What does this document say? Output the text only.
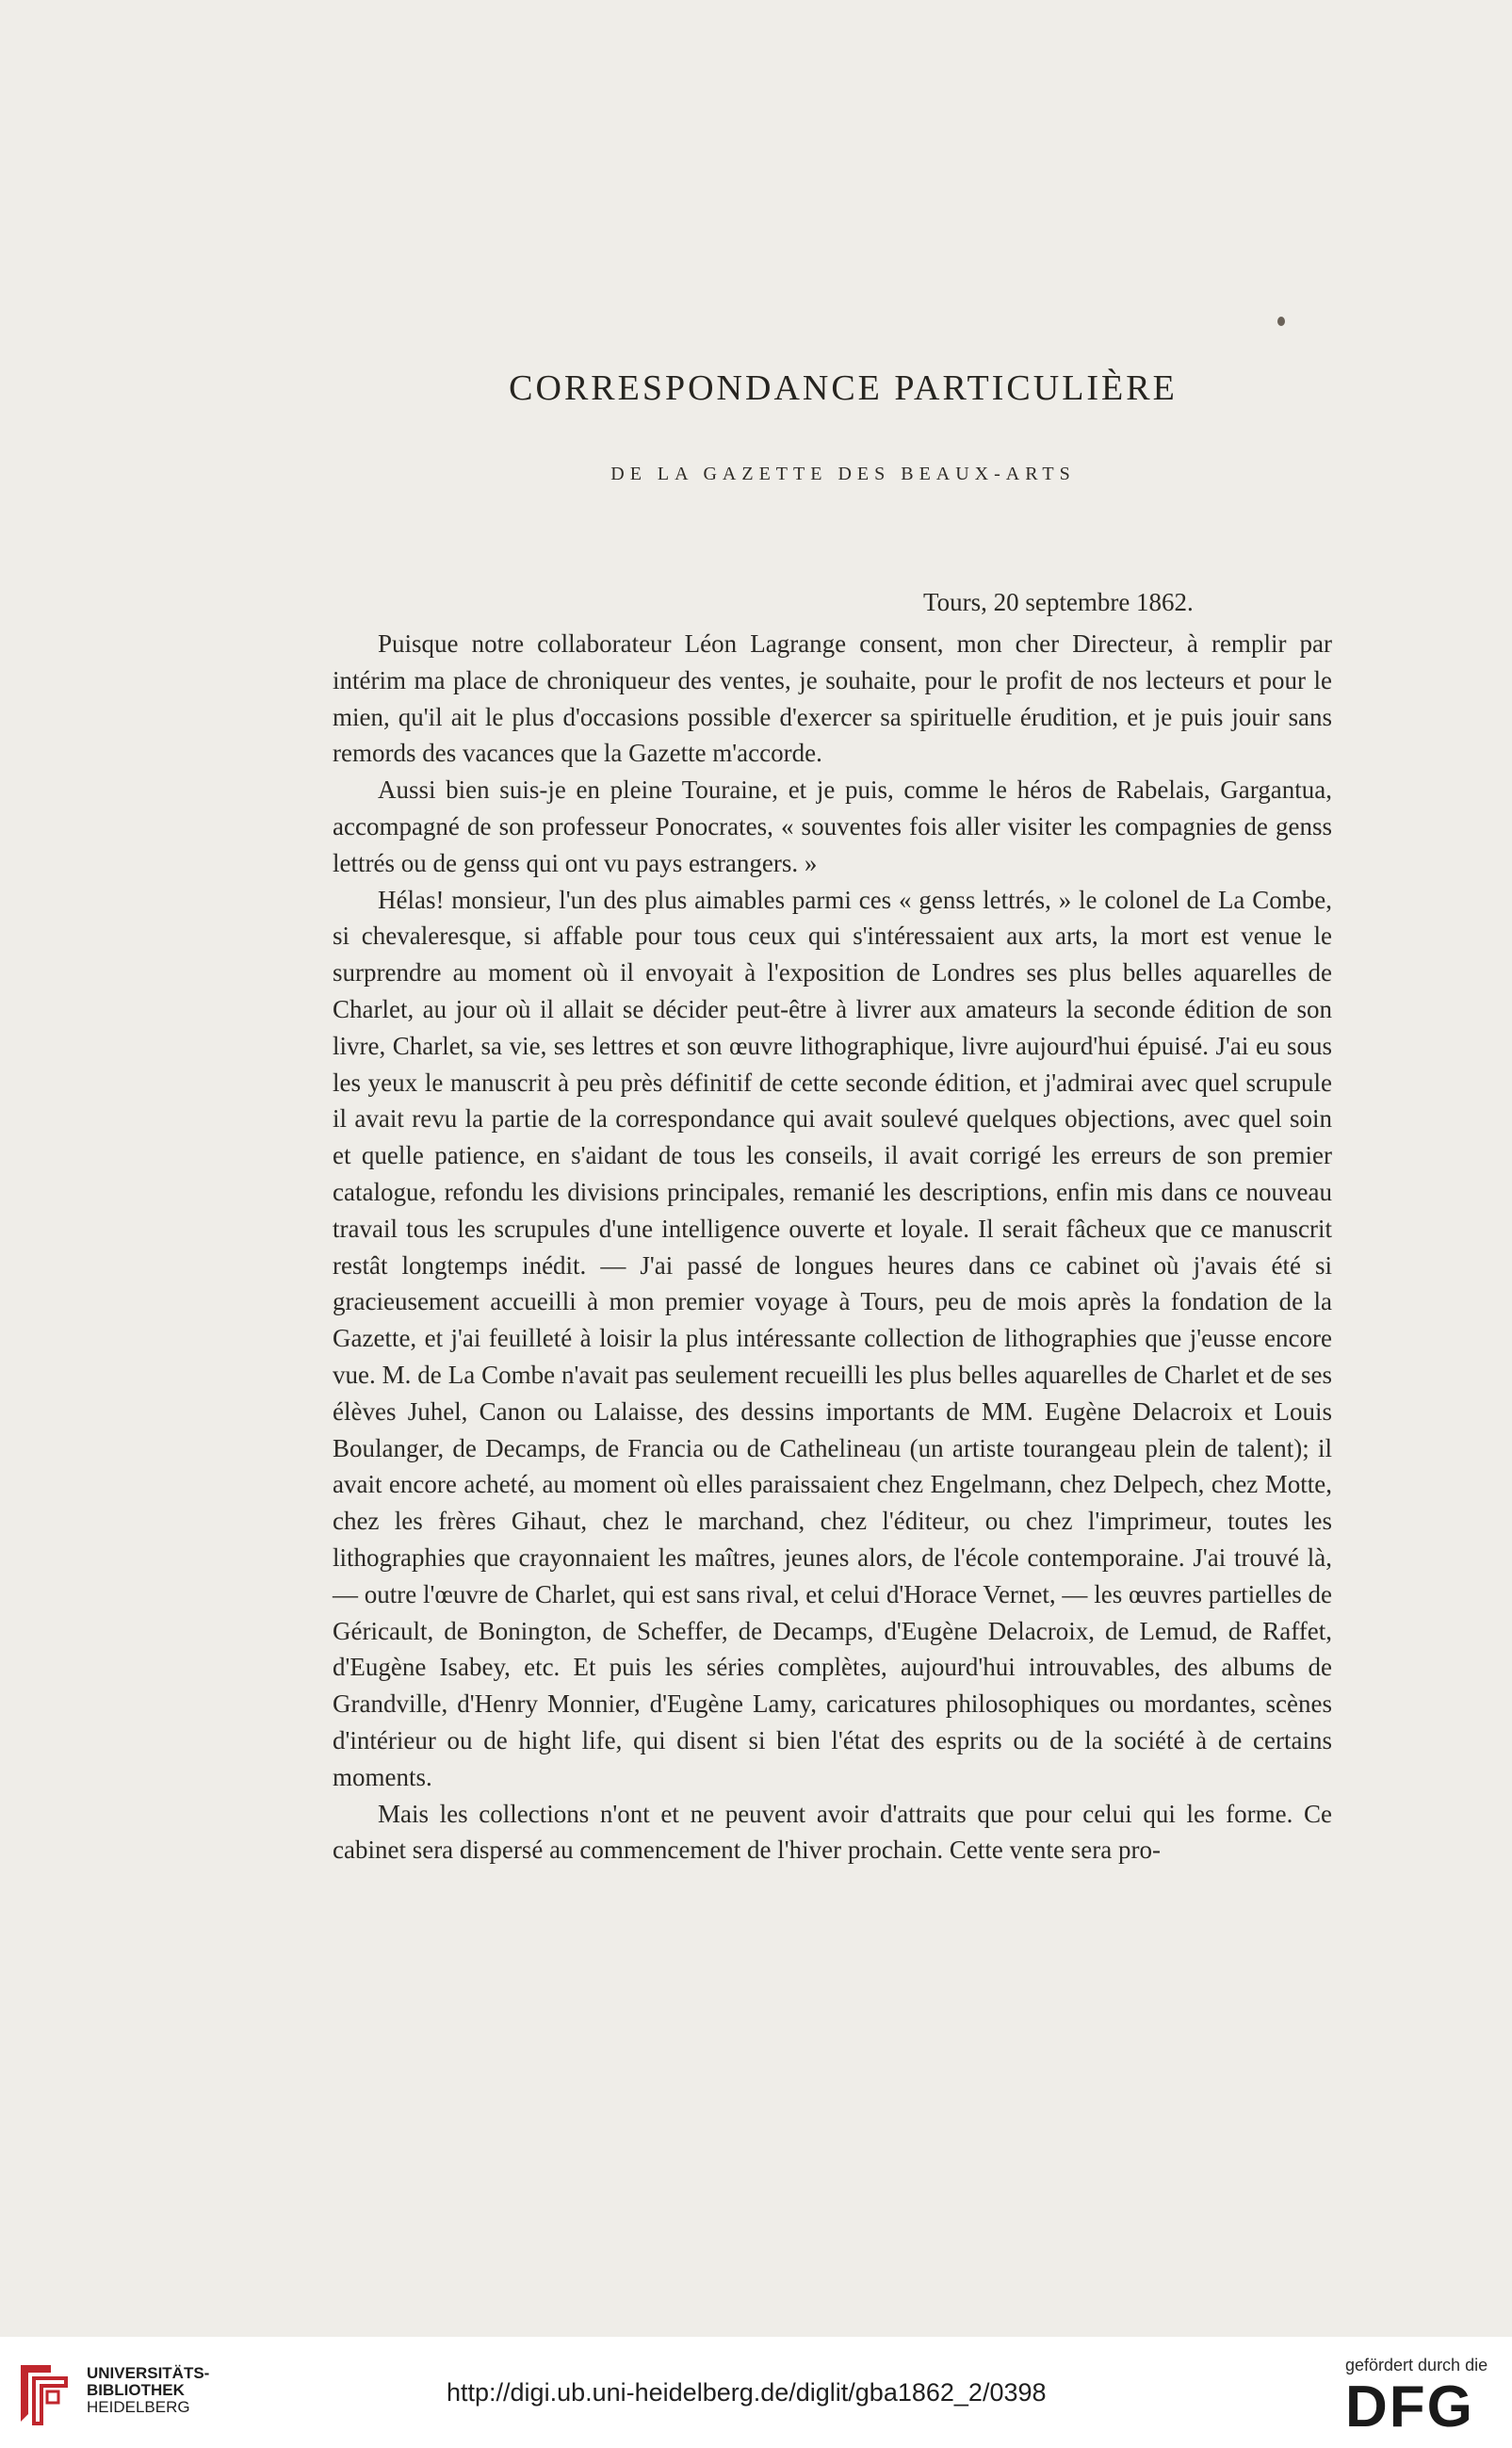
CORRESPONDANCE PARTICULIÈRE
DE LA GAZETTE DES BEAUX-ARTS
Tours, 20 septembre 1862.

Puisque notre collaborateur Léon Lagrange consent, mon cher Directeur, à remplir par intérim ma place de chroniqueur des ventes, je souhaite, pour le profit de nos lecteurs et pour le mien, qu'il ait le plus d'occasions possible d'exercer sa spirituelle érudition, et je puis jouir sans remords des vacances que la Gazette m'accorde.

Aussi bien suis-je en pleine Touraine, et je puis, comme le héros de Rabelais, Gargantua, accompagné de son professeur Ponocrates, « souventes fois aller visiter les compagnies de genss lettrés ou de genss qui ont vu pays estrangers. »

Hélas! monsieur, l'un des plus aimables parmi ces « genss lettrés, » le colonel de La Combe, si chevaleresque, si affable pour tous ceux qui s'intéressaient aux arts, la mort est venue le surprendre au moment où il envoyait à l'exposition de Londres ses plus belles aquarelles de Charlet, au jour où il allait se décider peut-être à livrer aux amateurs la seconde édition de son livre, Charlet, sa vie, ses lettres et son œuvre lithographique, livre aujourd'hui épuisé. J'ai eu sous les yeux le manuscrit à peu près définitif de cette seconde édition, et j'admirai avec quel scrupule il avait revu la partie de la correspondance qui avait soulevé quelques objections, avec quel soin et quelle patience, en s'aidant de tous les conseils, il avait corrigé les erreurs de son premier catalogue, refondu les divisions principales, remanié les descriptions, enfin mis dans ce nouveau travail tous les scrupules d'une intelligence ouverte et loyale. Il serait fâcheux que ce manuscrit restât longtemps inédit. — J'ai passé de longues heures dans ce cabinet où j'avais été si gracieusement accueilli à mon premier voyage à Tours, peu de mois après la fondation de la Gazette, et j'ai feuilleté à loisir la plus intéressante collection de lithographies que j'eusse encore vue. M. de La Combe n'avait pas seulement recueilli les plus belles aquarelles de Charlet et de ses élèves Juhel, Canon ou Lalaisse, des dessins importants de MM. Eugène Delacroix et Louis Boulanger, de Decamps, de Francia ou de Cathelineau (un artiste tourangeau plein de talent); il avait encore acheté, au moment où elles paraissaient chez Engelmann, chez Delpech, chez Motte, chez les frères Gihaut, chez le marchand, chez l'éditeur, ou chez l'imprimeur, toutes les lithographies que crayonnaient les maîtres, jeunes alors, de l'école contemporaine. J'ai trouvé là, — outre l'œuvre de Charlet, qui est sans rival, et celui d'Horace Vernet, — les œuvres partielles de Géricault, de Bonington, de Scheffer, de Decamps, d'Eugène Delacroix, de Lemud, de Raffet, d'Eugène Isabey, etc. Et puis les séries complètes, aujourd'hui introuvables, des albums de Grandville, d'Henry Monnier, d'Eugène Lamy, caricatures philosophiques ou mordantes, scènes d'intérieur ou de hight life, qui disent si bien l'état des esprits ou de la société à de certains moments.

Mais les collections n'ont et ne peuvent avoir d'attraits que pour celui qui les forme. Ce cabinet sera dispersé au commencement de l'hiver prochain. Cette vente sera pro-

UNIVERSITÄTS-
BIBLIOTHEK
HEIDELBERG
http://digi.ub.uni-heidelberg.de/diglit/gba1862_2/0398
gefördert durch die
DFG
